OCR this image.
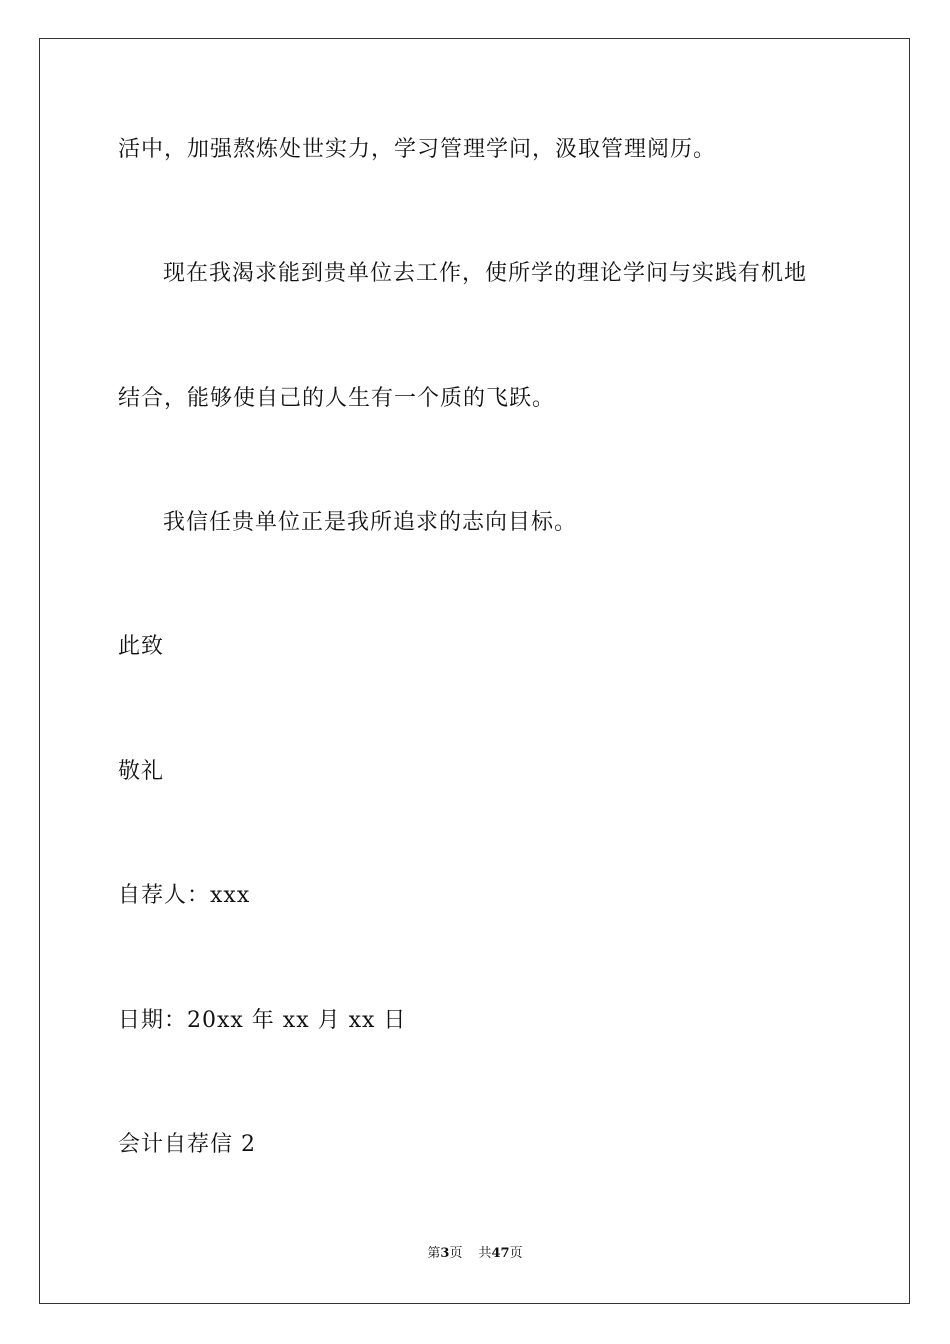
活中，加强熬炼处世实力，学习管理学问，汲取管理阅历。
现在我渴求能到贵单位去工作，使所学的理论学问与实践有机地
结合，能够使自己的人生有一个质的飞跃。
我信任贵单位正是我所追求的志向目标。
此致
敬礼
自荐人：xxx
日期：20xx 年 xx 月 xx 日
会计自荐信 2
第3页 共47页
